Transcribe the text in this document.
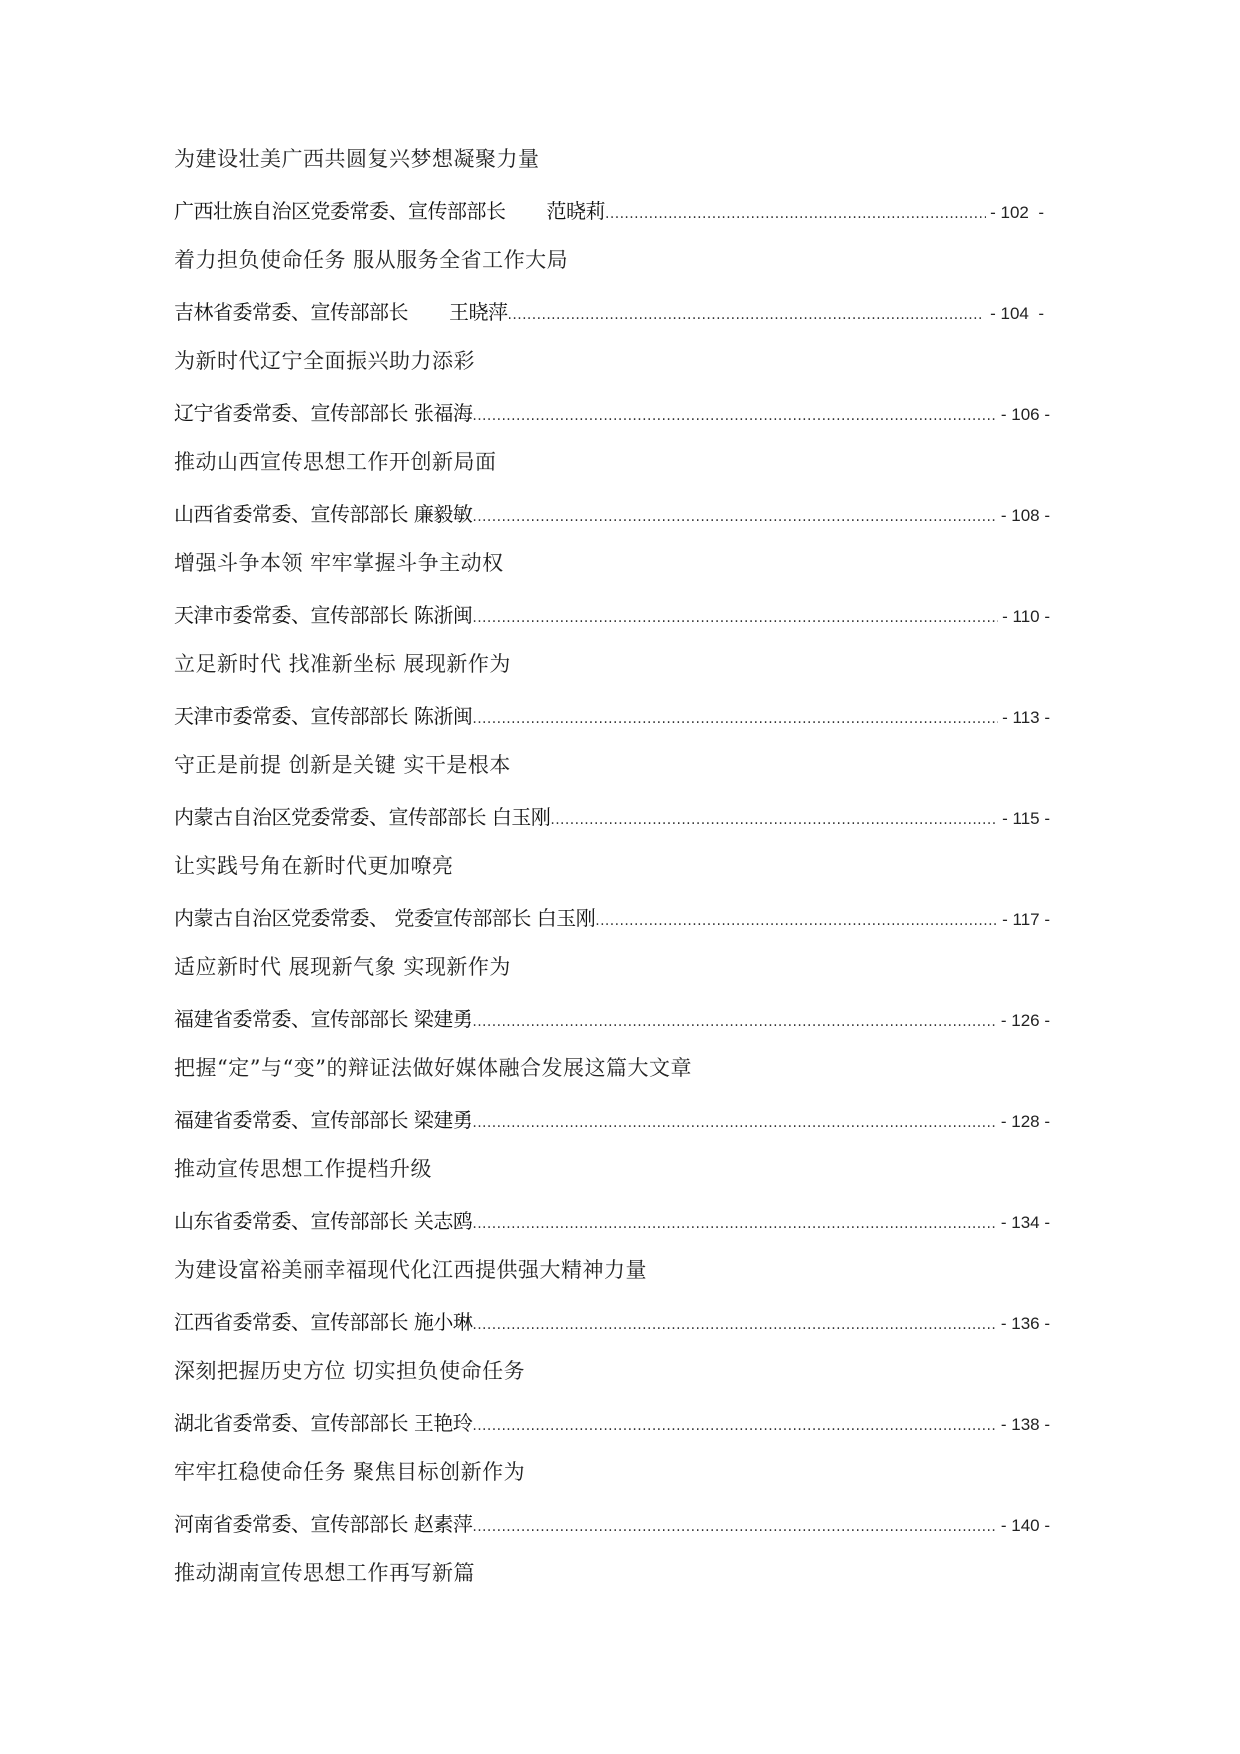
为建设壮美广西共圆复兴梦想凝聚力量
广西壮族自治区党委常委、宣传部部长       范晓莉 .....	- 102  -
着力担负使命任务 服从服务全省工作大局
吉林省委常委、宣传部部长       王晓萍 .....	- 104  -
为新时代辽宁全面振兴助力添彩
辽宁省委常委、宣传部部长 张福海 .....	- 106 -
推动山西宣传思想工作开创新局面
山西省委常委、宣传部部长 廉毅敏 .....	- 108 -
增强斗争本领 牢牢掌握斗争主动权
天津市委常委、宣传部部长 陈浙闽 .....	- 110 -
立足新时代 找准新坐标 展现新作为
天津市委常委、宣传部部长 陈浙闽 .....	- 113 -
守正是前提 创新是关键 实干是根本
内蒙古自治区党委常委、宣传部部长 白玉刚 .....	- 115 -
让实践号角在新时代更加嘹亮
内蒙古自治区党委常委、 党委宣传部部长 白玉刚 .....	- 117 -
适应新时代 展现新气象 实现新作为
福建省委常委、宣传部部长 梁建勇 .....	- 126 -
把握“定”与“变”的辩证法做好媒体融合发展这篇大文章
福建省委常委、宣传部部长 梁建勇 .....	- 128 -
推动宣传思想工作提档升级
山东省委常委、宣传部部长 关志鸥 .....	- 134 -
为建设富裕美丽幸福现代化江西提供强大精神力量
江西省委常委、宣传部部长 施小琳 .....	- 136 -
深刻把握历史方位 切实担负使命任务
湖北省委常委、宣传部部长 王艳玲 .....	- 138 -
牢牢扛稳使命任务 聚焦目标创新作为
河南省委常委、宣传部部长 赵素萍 .....	- 140 -
推动湖南宣传思想工作再写新篇
